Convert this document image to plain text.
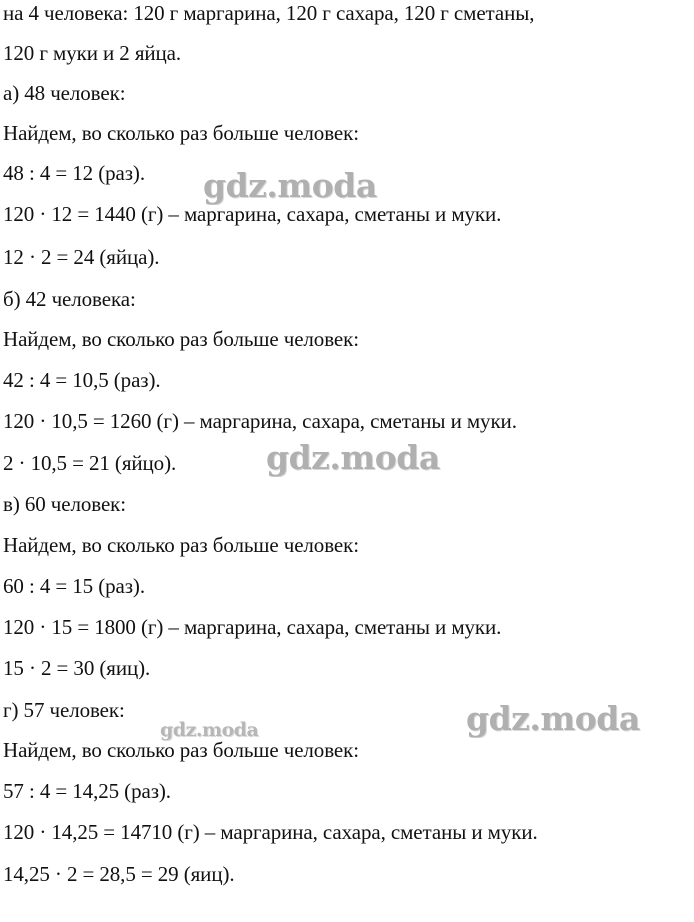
на 4 человека: 120 г маргарина, 120 г сахара, 120 г сметаны,
120 г муки и 2 яйца.
а) 48 человек:
Найдем, во сколько раз больше человек:
48 : 4 = 12 (раз).
120 · 12 = 1440 (г) – маргарина, сахара, сметаны и муки.
12 · 2 = 24 (яйца).
б) 42 человека:
Найдем, во сколько раз больше человек:
42 : 4 = 10,5 (раз).
120 · 10,5 = 1260 (г) – маргарина, сахара, сметаны и муки.
2 · 10,5 = 21 (яйцо).
в) 60 человек:
Найдем, во сколько раз больше человек:
60 : 4 = 15 (раз).
120 · 15 = 1800 (г) – маргарина, сахара, сметаны и муки.
15 · 2 = 30 (яиц).
г) 57 человек:
Найдем, во сколько раз больше человек:
57 : 4 = 14,25 (раз).
120 · 14,25 = 14710 (г) – маргарина, сахара, сметаны и муки.
14,25 · 2 = 28,5 = 29 (яиц).
gdz.moda
gdz.moda
gdz.moda
gdz.moda
